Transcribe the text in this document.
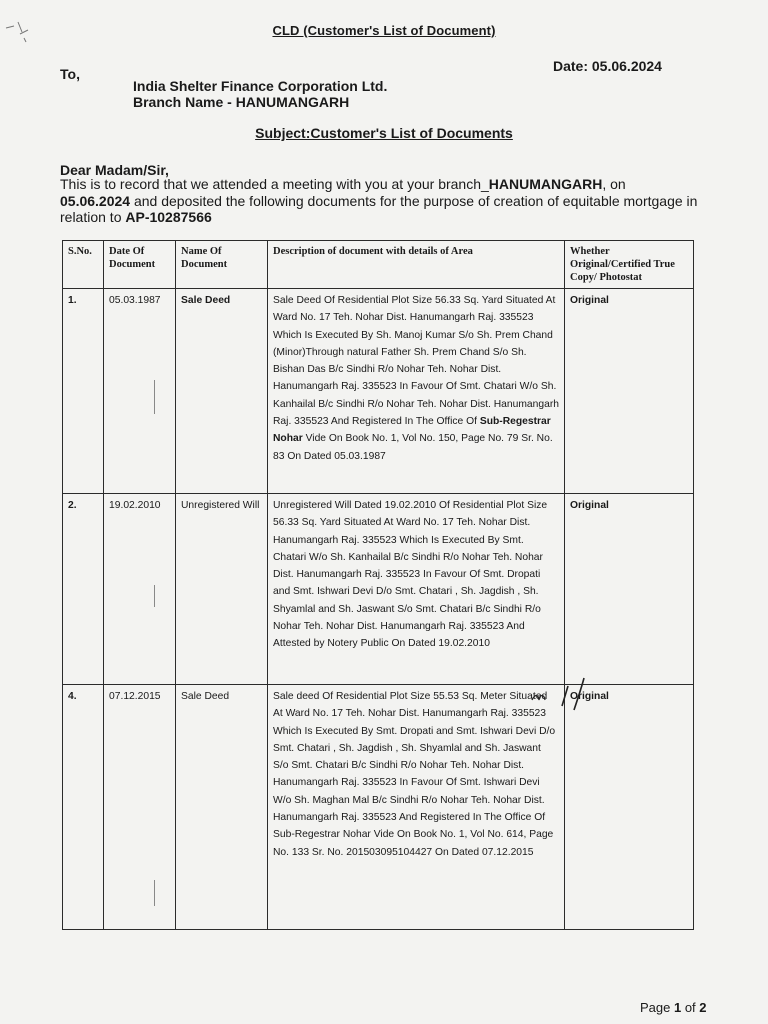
CLD (Customer's List of Document)
To,	Date: 05.06.2024
India Shelter Finance Corporation Ltd.
Branch Name - HANUMANGARH
Subject:Customer's List of Documents
Dear Madam/Sir,
This is to record that we attended a meeting with you at your branch_HANUMANGARH, on
05.06.2024 and deposited the following documents for the purpose of creation of equitable mortgage in relation to AP-10287566
S.No.	Date Of Document	Name Of Document	Description of document with details of Area	Whether Original/Certified True Copy/ Photostat
1.	05.03.1987	Sale Deed	Sale Deed Of Residential Plot Size 56.33 Sq. Yard Situated At Ward No. 17 Teh. Nohar Dist. Hanumangarh Raj. 335523 Which Is Executed By Sh. Manoj Kumar S/o Sh. Prem Chand (Minor)Through natural Father Sh. Prem Chand S/o Sh. Bishan Das B/c Sindhi R/o Nohar Teh. Nohar Dist. Hanumangarh Raj. 335523 In Favour Of Smt. Chatari W/o Sh. Kanhailal B/c Sindhi R/o Nohar Teh. Nohar Dist. Hanumangarh Raj. 335523 And Registered In The Office Of Sub-Regestrar Nohar Vide On Book No. 1, Vol No. 150, Page No. 79 Sr. No. 83 On Dated 05.03.1987	Original
2.	19.02.2010	Unregistered Will	Unregistered Will Dated 19.02.2010 Of Residential Plot Size 56.33 Sq. Yard Situated At Ward No. 17 Teh. Nohar Dist. Hanumangarh Raj. 335523 Which Is Executed By Smt. Chatari W/o Sh. Kanhailal B/c Sindhi R/o Nohar Teh. Nohar Dist. Hanumangarh Raj. 335523 In Favour Of Smt. Dropati and Smt. Ishwari Devi D/o Smt. Chatari , Sh. Jagdish , Sh. Shyamlal and Sh. Jaswant S/o Smt. Chatari B/c Sindhi R/o Nohar Teh. Nohar Dist. Hanumangarh Raj. 335523 And Attested by Notery Public On Dated 19.02.2010	Original
4.	07.12.2015	Sale Deed	Sale deed Of Residential Plot Size 55.53 Sq. Meter Situated At Ward No. 17 Teh. Nohar Dist. Hanumangarh Raj. 335523 Which Is Executed By Smt. Dropati and Smt. Ishwari Devi D/o Smt. Chatari , Sh. Jagdish , Sh. Shyamlal and Sh. Jaswant S/o Smt. Chatari B/c Sindhi R/o Nohar Teh. Nohar Dist. Hanumangarh Raj. 335523 In Favour Of Smt. Ishwari Devi W/o Sh. Maghan Mal B/c Sindhi R/o Nohar Teh. Nohar Dist. Hanumangarh Raj. 335523 And Registered In The Office Of Sub-Regestrar Nohar Vide On Book No. 1, Vol No. 614, Page No. 133 Sr. No. 201503095104427 On Dated 07.12.2015	Original
Page 1 of 2
